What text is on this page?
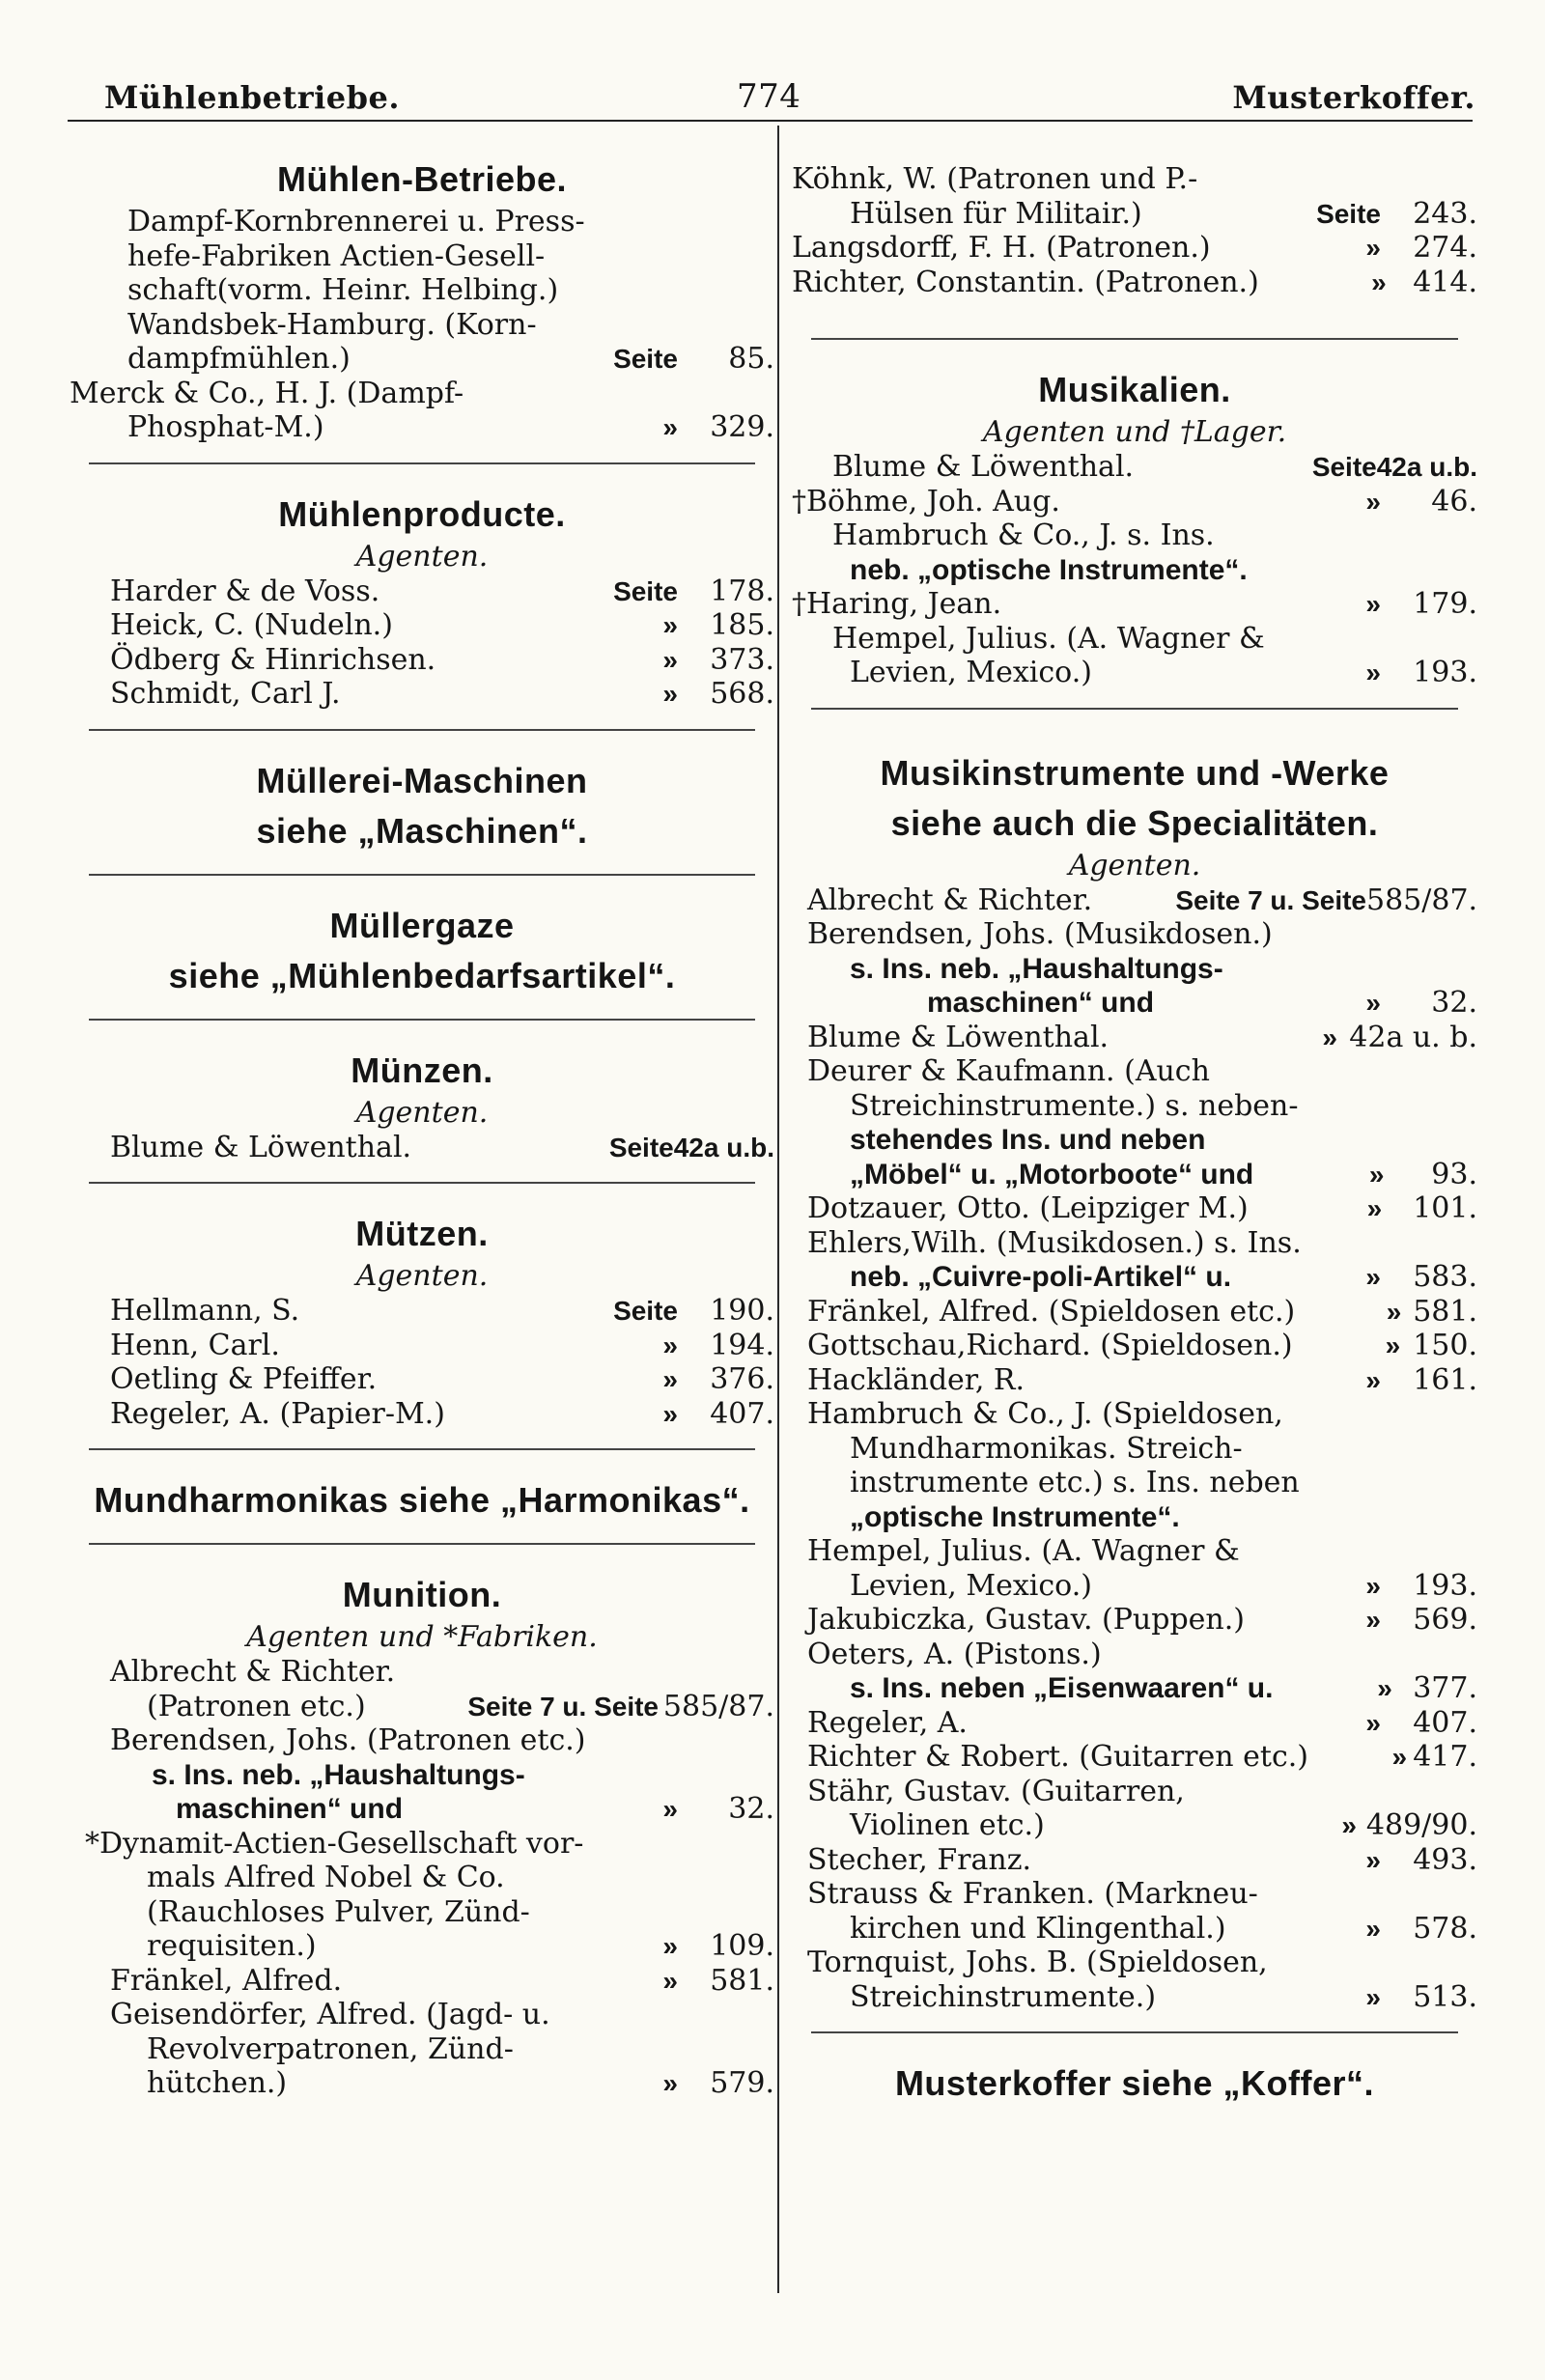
Mühlenbetriebe.	774	Musterkoffer.
Mühlen-Betriebe.
Dampf-Kornbrennerei u. Press-
hefe-Fabriken Actien-Gesell-
schaft(vorm. Heinr. Helbing.)
Wandsbek-Hamburg. (Korn-
dampfmühlen.)	Seite	85.
Merck & Co., H. J. (Dampf-
Phosphat-M.)	»	329.
Mühlenproducte.
Agenten.
Harder & de Voss.	Seite	178.
Heick, C. (Nudeln.)	»	185.
Ödberg & Hinrichsen.	»	373.
Schmidt, Carl J.	»	568.
Müllerei-Maschinen
siehe „Maschinen“.
Müllergaze
siehe „Mühlenbedarfsartikel“.
Münzen.
Agenten.
Blume & Löwenthal.	Seite42a u.b.
Mützen.
Agenten.
Hellmann, S.	Seite	190.
Henn, Carl.	»	194.
Oetling & Pfeiffer.	»	376.
Regeler, A. (Papier-M.)	»	407.
Mundharmonikas siehe „Harmonikas“.
Munition.
Agenten und *Fabriken.
Albrecht & Richter.
(Patronen etc.)	Seite 7 u. Seite 585/87.
Berendsen, Johs. (Patronen etc.)
s. Ins. neb. „Haushaltungs-
maschinen“ und	»	32.
*Dynamit-Actien-Gesellschaft vor-
mals Alfred Nobel & Co.
(Rauchloses Pulver, Zünd-
requisiten.)	»	109.
Fränkel, Alfred.	»	581.
Geisendörfer, Alfred. (Jagd- u.
Revolverpatronen, Zünd-
hütchen.)	»	579.
Köhnk, W. (Patronen und P.-
Hülsen für Militair.)	Seite	243.
Langsdorff, F. H. (Patronen.)	»	274.
Richter, Constantin. (Patronen.)	» 414.
Musikalien.
Agenten und †Lager.
Blume & Löwenthal.	Seite42a u.b.
†Böhme, Joh. Aug.	»	46.
Hambruch & Co., J. s. Ins.
neb. „optische Instrumente“.
†Haring, Jean.	»	179.
Hempel, Julius. (A. Wagner &
Levien, Mexico.)	»	193.
Musikinstrumente und -Werke
siehe auch die Specialitäten.
Agenten.
Albrecht & Richter.	Seite 7 u. Seite 585/87.
Berendsen, Johs. (Musikdosen.)
s. Ins. neb. „Haushaltungs-
maschinen“ und	»	32.
Blume & Löwenthal.	» 42a u. b.
Deurer & Kaufmann. (Auch
Streichinstrumente.) s. neben-
stehendes Ins. und neben
„Möbel“ u. „Motorboote“ und	»	93.
Dotzauer, Otto. (Leipziger M.)	»	101.
Ehlers,Wilh. (Musikdosen.) s. Ins.
neb. „Cuivre-poli-Artikel“ u.	»	583.
Fränkel, Alfred. (Spieldosen etc.)	» 581.
Gottschau,Richard. (Spieldosen.)	» 150.
Hackländer, R.	»	161.
Hambruch & Co., J. (Spieldosen,
Mundharmonikas. Streich-
instrumente etc.) s. Ins. neben
„optische Instrumente“.
Hempel, Julius. (A. Wagner &
Levien, Mexico.)	»	193.
Jakubiczka, Gustav. (Puppen.)	»	569.
Oeters, A. (Pistons.)
s. Ins. neben „Eisenwaaren“ u.	» 377.
Regeler, A.	»	407.
Richter & Robert. (Guitarren etc.)	» 417.
Stähr, Gustav. (Guitarren,
Violinen etc.)	» 489/90.
Stecher, Franz.	»	493.
Strauss & Franken. (Markneu-
kirchen und Klingenthal.)	»	578.
Tornquist, Johs. B. (Spieldosen,
Streichinstrumente.)	»	513.
Musterkoffer siehe „Koffer“.
